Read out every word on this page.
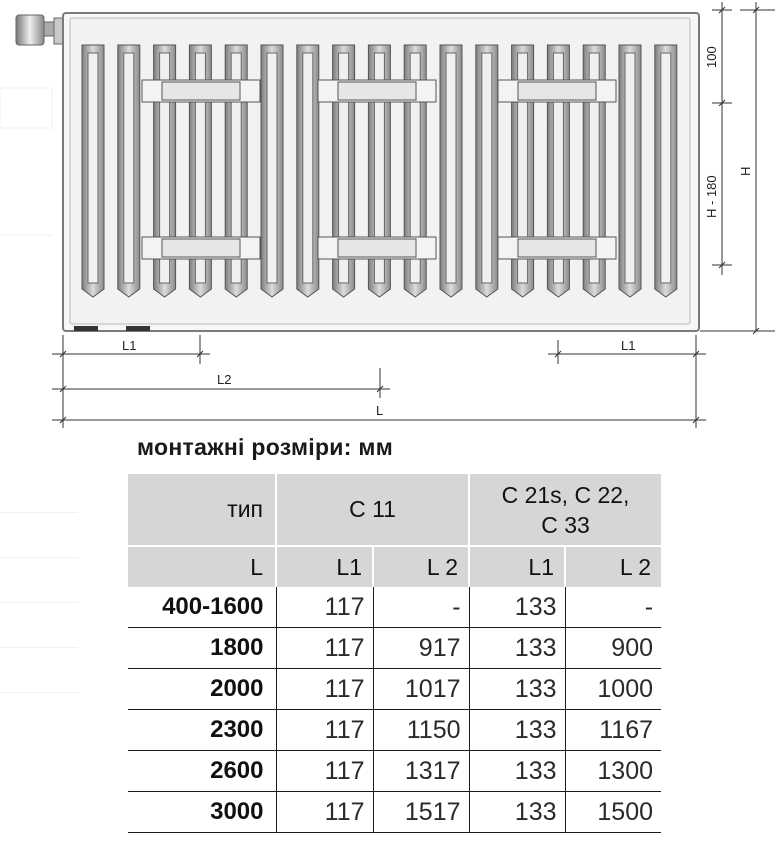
100
H - 180
H
L1	L1
L2
L
монтажні розміри: мм
тип	C 11		C 21s, C 22,
C 33	

L	L1	L 2	L1	L 2
400-1600	117	-	133	-
1800	117	917	133	900
2000	117	1017	133	1000
2300	117	1150	133	1167
2600	117	1317	133	1300
3000	117	1517	133	1500
